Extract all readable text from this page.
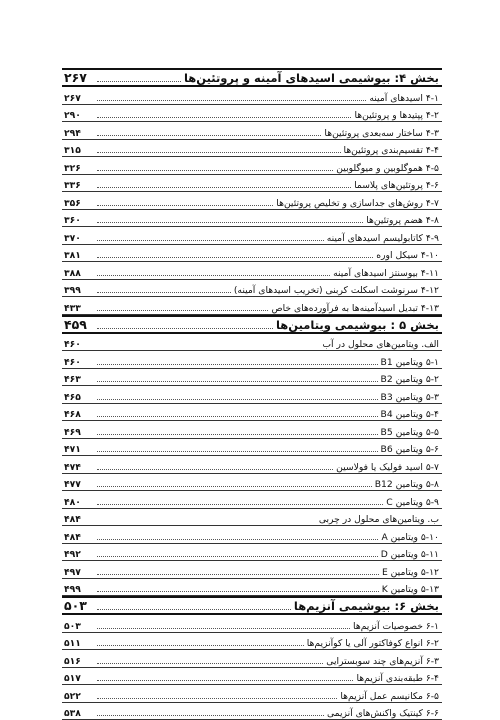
بخش ۴: بیوشیمی اسیدهای آمینه و پروتئین‌ها
۲۶۷
۴-۱ اسیدهای آمینه
۲۶۷
۴-۲ پپتیدها و پروتئین‌ها
۲۹۰
۴-۳ ساختار سه‌بعدی پروتئین‌ها
۲۹۴
۴-۴ تقسیم‌بندی پروتئین‌ها
۳۱۵
۴-۵ هموگلوبین و میوگلوبین
۳۲۶
۴-۶ پروتئین‌های پلاسما
۳۳۶
۴-۷ روش‌های جداسازی و تخلیص پروتئین‌ها
۳۵۶
۴-۸ هضم پروتئین‌ها
۳۶۰
۴-۹ کاتابولیسم اسیدهای آمینه
۳۷۰
۴-۱۰ سیکل اوره
۳۸۱
۴-۱۱ بیوسنتز اسیدهای آمینه
۳۸۸
۴-۱۲ سرنوشت اسکلت کربنی (تخریب اسیدهای آمینه)
۳۹۹
۴-۱۳ تبدیل اسیدآمینه‌ها به فرآورده‌های خاص
۴۳۳
بخش ۵ : بیوشیمی ویتامین‌ها
۴۵۹
الف. ویتامین‌های محلول در آب
۴۶۰
۵-۱ ویتامین B1
۴۶۰
۵-۲ ویتامین B2
۴۶۳
۵-۳ ویتامین B3
۴۶۵
۵-۴ ویتامین B4
۴۶۸
۵-۵ ویتامین B5
۴۶۹
۵-۶ ویتامین B6
۴۷۱
۵-۷ اسید فولیک یا فولاسین
۴۷۴
۵-۸ ویتامین B12
۴۷۷
۵-۹ ویتامین C
۴۸۰
ب. ویتامین‌های محلول در چربی
۴۸۴
۵-۱۰ ویتامین A
۴۸۴
۵-۱۱ ویتامین D
۴۹۲
۵-۱۲ ویتامین E
۴۹۷
۵-۱۳ ویتامین K
۴۹۹
بخش ۶: بیوشیمی آنزیم‌ها
۵۰۳
۶-۱ خصوصیات آنزیم‌ها
۵۰۳
۶-۲ انواع کوفاکتور آلی یا کوآنزیم‌ها
۵۱۱
۶-۳ آنزیم‌های چند سوبسترایی
۵۱۶
۶-۴ طبقه‌بندی آنزیم‌ها
۵۱۷
۶-۵ مکانیسم عمل آنزیم‌ها
۵۲۲
۶-۶ کینتیک واکنش‌های آنزیمی
۵۳۸
